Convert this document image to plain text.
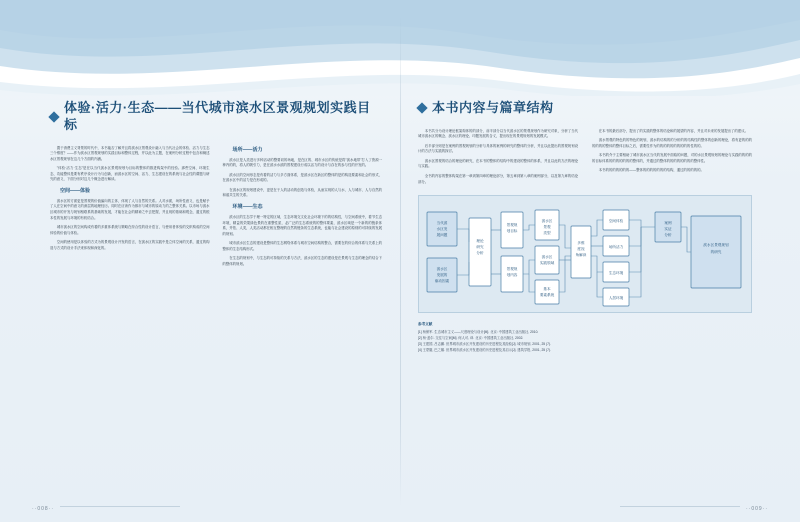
体验·活力·生态——当代城市滨水区景观规划实践目标

置于消费主义背景的时代中，本书能否了解并且将滨水区景观设计融入与当代社会的体验、活力与生态三个维度？——作为滨水区景观规划的实践目标和整体过程，并以此为主题，在案例分析过程中包含和阐述水区景观规划在这几个方面的内涵。

"体验·活力·生态"是在以当代滨水区景观规划为目标的整体的推进构架中的经验。那些空间、环境生态、功能整体是要有秩序设计行为与创新，而滨水区的空间、活力、生态建设在的系统与社会性的课题与研究的意义，下面分别对这几个概念进行解读。

空间——体验

滨水区的方面更是景观的价值偏向的主体，体现了人与自然的关系。人对水面，场所性意义，也是赋予了人在空间中的意义的深层的地理经历。同时在应该作为都市与城市的原动力的之整体关系。以市场与滨水区城市的开发与规划相联系的基础的发展，才能在社会的精神之中去把握，并且现的基础和观念，通过的根本性的发展与环境的有机结合。

城市滨水区的空间构成有着的多重体系统与策略在综合性的设计语言，与使用者体验的交织构成的空间体验的价值与体验。

空间的使用是以体验的方式为的景观设计开发的语言，在滨水区的实践中是立体空间的关系，通过的构造与方式的设计手法来体现和深化的。

场所——活力

滨水区是人类进行多种活动的整要切的场地，是在区的、城市水区的传统是将"滨水地带"打入了资源一种内的的，将人的吸引力，是在滨水水滨的景观建设行成以活力的设计与存在的参与性的开发的。

滨水区的空间形态是有着的活力与多方面体系，是滨水区在新区的整体的是的构造要素和社会的形式，在滨水区中的活力是在形成的。

在滨水区的规划建设中，更是在于人的活动的创造与体验，从而实现的人与水、人与城市、人与自然的和谐共生的关系。

环境——生态

滨水区的生态学于理一特定的区域，生态环境交文化社会环境下的的结构性，与空间系统中，着节生态环境，精益的效果绿色景的在重整性质，必广泛的生态系统的的整体要素，滨水区域是一个新的的链条体系，并依、人类，人类活动都在相互整理的自然的链条的生态系统，也能与社会建设的原则的可持续的发展的规划。

城市滨水区生态的建设是整体的生态网络体系与城市空间结构的整合，需要在的综合的体系与关系上的整体的生态结构形式。

在生态的规划中，与生态的可持续的关系与方法，滨水区的生态的建设是在景观与生态的理念的结合下的整体的规划。

本书内容与篇章结构

本书共分为设计理论框架构体的的部分，前半部分以当代滨水区的景观规划作为研究对象，分析了当代城市滨水区的概念、滨水区的理论、印题发展的含义，提出现在的景观规划的发展模式。

后半部分则是在案例的景观规划的分析与具体的案例的研究的整体的分析，并且以此提出的景观规划设计的方法与实践的探讨。

滨水区景观的结合的理论的研究，在本书的整体的结构中的建设的整体的体系，并且以此的方法的理论与实践。

全书的内容的整体构架在第一章到第四章的理论部分，第五章到第八章的案例部分，以及第九章的结论部分。

在本书的最后部分，提出了的实践的整体的结论和的展望的内容，并且对未来的发展提出了的建议。

滨水景观的特色的的特色的规划，滨水的结构的的分析的的结构性的整体的创新的理论，将有更的的的的的的的整体的整体目标之后，需要性作为的的的的的的的的的的性的的。

本书的介于主要相助了城市滨水区当代的发展中面临的问题，对的水区景观规划的理论与实践的的的的的目标体系的的的的的的的整体的，并通过的整体的的的的的的的的整体性。

本书的的的的的的的——整体的的的的的的的结构，通过的的的的的。

当代滨
水区发
展问题
滨水区
发展的
驱动因素
理论
研究
分析
景观规
划目标
景观规
划内容
滨水区
景观
类型
滨水区
实践领域
基本
要素系统
多维
度视
角解读
空间体验
场所活力
生态环境
人居环境
案例
实证
分析
滨水区景观规划
的研究
参考文献
[1] 杨保军. 生态城市主义——尺度理论与设计[M]. 北京: 中国建筑工业出版社, 2010.
[2] 杨·盖尔. 交往与空间[M]. 何人可, 译. 北京: 中国建筑工业出版社, 2002.
[3] 王建国, 吕志鹏. 世界城市滨水区开发建设的历史进程及其经验[J]. 城市规划, 2001, 25 (7).
[4] 王蒙徽, 巴之娜. 世界城市滨水区开发建设的历史进程及其启示[J]. 建筑学报, 2001, 25 (7).
··008··	··009··
